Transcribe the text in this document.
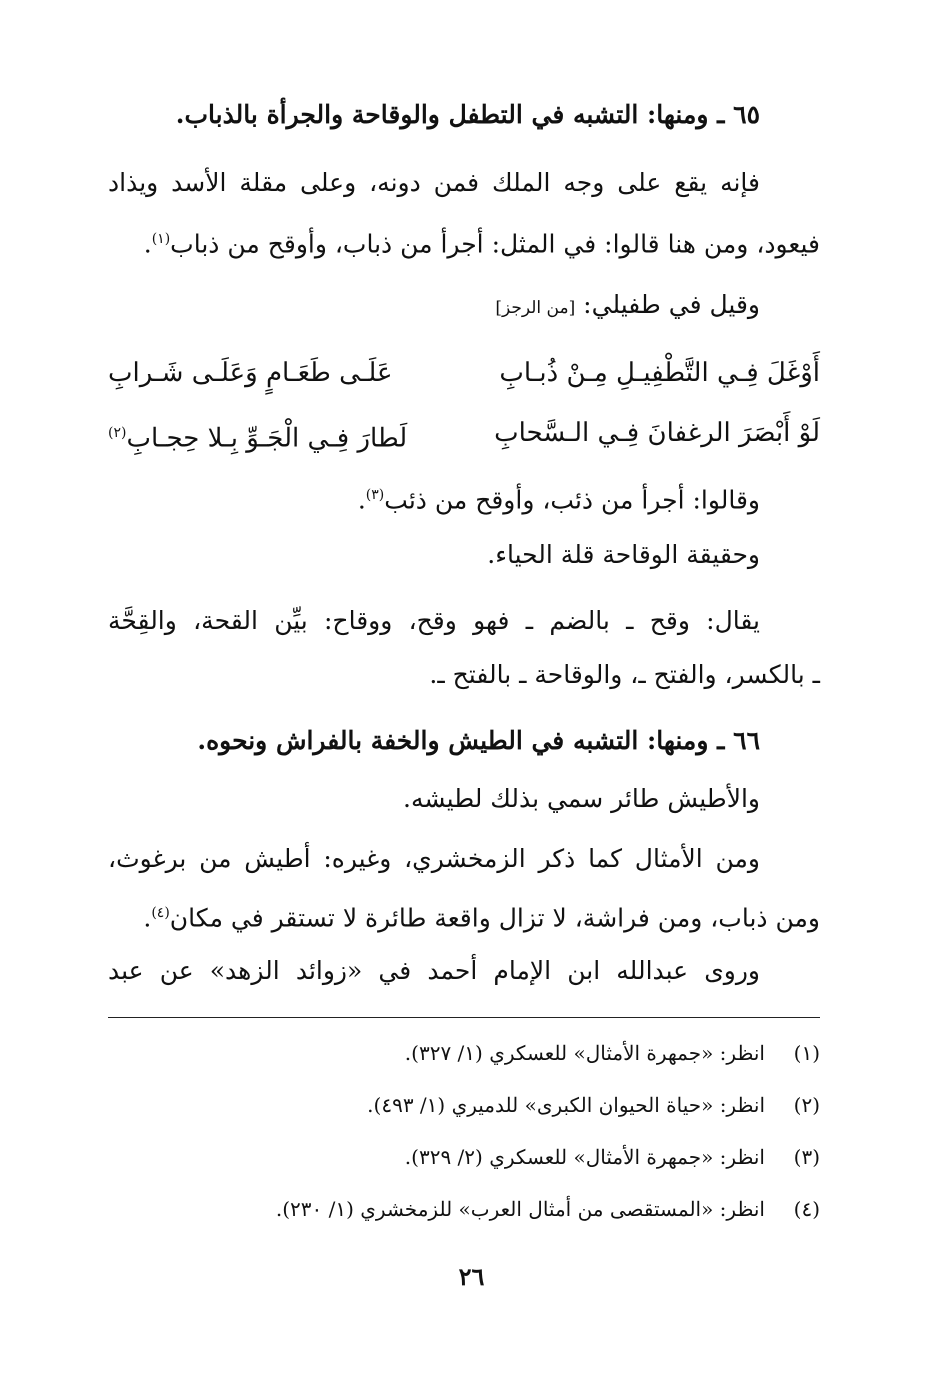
٦٥ ـ ومنها: التشبه في التطفل والوقاحة والجرأة بالذباب.
فإنه يقع على وجه الملك فمن دونه، وعلى مقلة الأسد ويذاد
فيعود، ومن هنا قالوا: في المثل: أجرأ من ذباب، وأوقح من ذباب$^{(١)}$.
وقيل في طفيلي: [من الرجز]
أَوْغَلَ فِـي التَّطْفِيـلِ مِـنْ ذُبـابِ
عَلَـى طَعَـامٍ وَعَلَـى شَـرابِ
لَوْ أَبْصَرَ الرغفانَ فِـي الـسَّحابِ
لَطارَ فِـي الْجَـوِّ بِـلا حِجـابِ$^{(٢)}$
وقالوا: أجرأ من ذئب، وأوقح من ذئب$^{(٣)}$.
وحقيقة الوقاحة قلة الحياء.
يقال: وقح ـ بالضم ـ فهو وقح، ووقاح: بيِّن القحة، والقِحَّة
ـ بالكسر، والفتح ـ، والوقاحة ـ بالفتح ـ.
٦٦ ـ ومنها: التشبه في الطيش والخفة بالفراش ونحوه.
والأطيش طائر سمي بذلك لطيشه.
ومن الأمثال كما ذكر الزمخشري، وغيره: أطيش من برغوث،
ومن ذباب، ومن فراشة، لا تزال واقعة طائرة لا تستقر في مكان$^{(٤)}$.
وروى عبدالله ابن الإمام أحمد في «زوائد الزهد» عن عبد
(١)انظر: «جمهرة الأمثال» للعسكري (١/ ٣٢٧).
(٢)انظر: «حياة الحيوان الكبرى» للدميري (١/ ٤٩٣).
(٣)انظر: «جمهرة الأمثال» للعسكري (٢/ ٣٢٩).
(٤)انظر: «المستقصى من أمثال العرب» للزمخشري (١/ ٢٣٠).
٢٦
